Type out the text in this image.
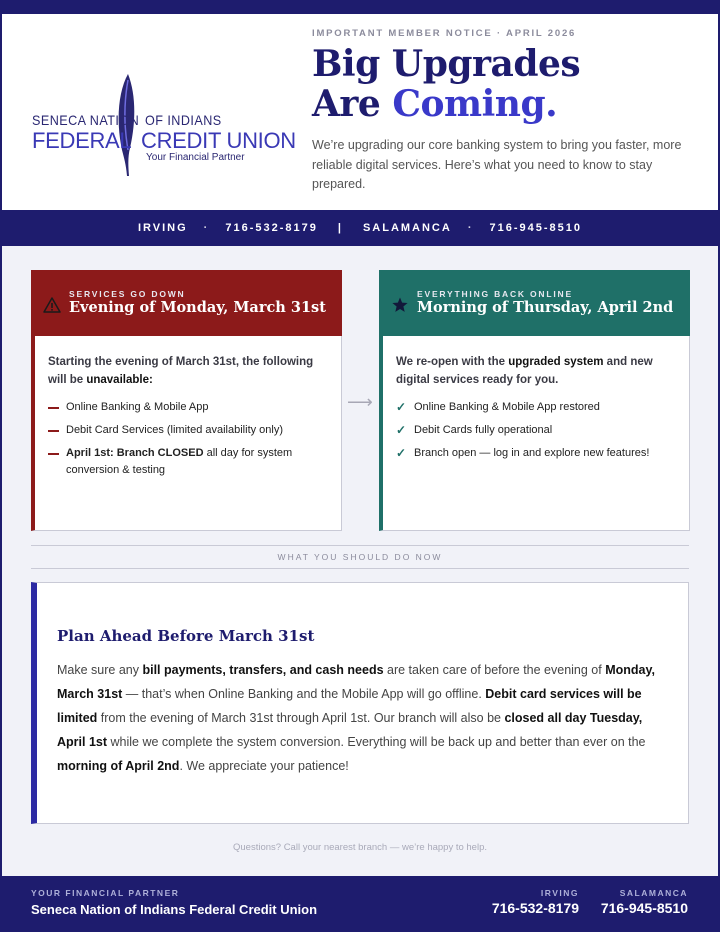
SENECA NATION OF INDIANS
FEDERAL CREDIT UNION
Your Financial Partner
IMPORTANT MEMBER NOTICE · APRIL 2026
Big Upgrades
Are Coming.
We’re upgrading our core banking system to bring you faster, more reliable digital services. Here’s what you need to know to stay prepared.
IRVING · 716-532-8179 | SALAMANCA · 716-945-8510
SERVICES GO DOWN
Evening of Monday, March 31st
Starting the evening of March 31st, the following will be unavailable:
Online Banking & Mobile App
Debit Card Services (limited availability only)
April 1st: Branch CLOSED all day for system conversion & testing
⟶
EVERYTHING BACK ONLINE
Morning of Thursday, April 2nd
We re-open with the upgraded system and new digital services ready for you.
✓ Online Banking & Mobile App restored
✓ Debit Cards fully operational
✓ Branch open — log in and explore new features!
WHAT YOU SHOULD DO NOW
Plan Ahead Before March 31st

Make sure any bill payments, transfers, and cash needs are taken care of before the evening of Monday, March 31st — that’s when Online Banking and the Mobile App will go offline. Debit card services will be limited from the evening of March 31st through April 1st. Our branch will also be closed all day Tuesday, April 1st while we complete the system conversion. Everything will be back up and better than ever on the morning of April 2nd. We appreciate your patience!

Questions? Call your nearest branch — we’re happy to help.
YOUR FINANCIAL PARTNER
Seneca Nation of Indians Federal Credit Union
IRVING
716-532-8179
SALAMANCA
716-945-8510
